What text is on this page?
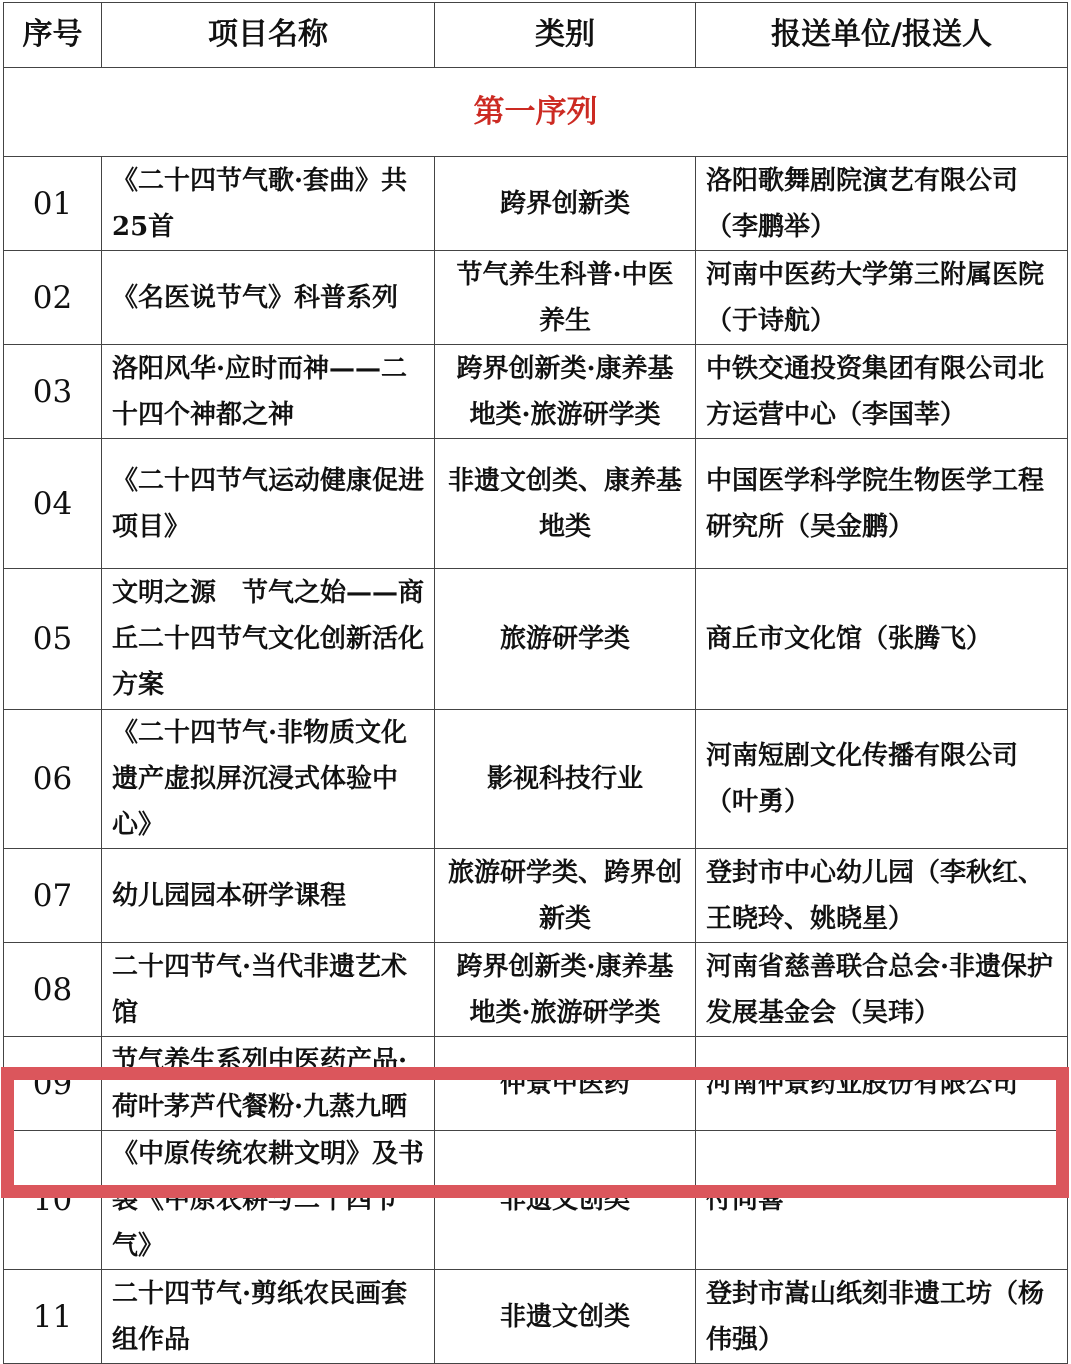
序号	项目名称	类别	报送单位/报送人
第一序列			
01	《二十四节气歌·套曲》共25首	跨界创新类	洛阳歌舞剧院演艺有限公司（李鹏举）
02	《名医说节气》科普系列	节气养生科普·中医养生	河南中医药大学第三附属医院（于诗航）
03	洛阳风华·应时而神——二十四个神都之神	跨界创新类·康养基地类·旅游研学类	中铁交通投资集团有限公司北方运营中心（李国莘）
04	《二十四节气运动健康促进项目》	非遗文创类、康养基地类	中国医学科学院生物医学工程研究所（吴金鹏）
05	文明之源　节气之始——商丘二十四节气文化创新活化方案	旅游研学类	商丘市文化馆（张腾飞）
06	《二十四节气·非物质文化遗产虚拟屏沉浸式体验中心》	影视科技行业	河南短剧文化传播有限公司（叶勇）
07	幼儿园园本研学课程	旅游研学类、跨界创新类	登封市中心幼儿园（李秋红、王晓玲、姚晓星）
08	二十四节气·当代非遗艺术馆	跨界创新类·康养基地类·旅游研学类	河南省慈善联合总会·非遗保护发展基金会（吴玮）
09	节气养生系列中医药产品·荷叶茅芦代餐粉·九蒸九晒	仲景中医药	河南仲景药业股份有限公司
10	《中原传统农耕文明》及书袋《中原农耕与二十四节气》	非遗文创类	付同喜
11	二十四节气·剪纸农民画套组作品	非遗文创类	登封市嵩山纸刻非遗工坊（杨伟强）
